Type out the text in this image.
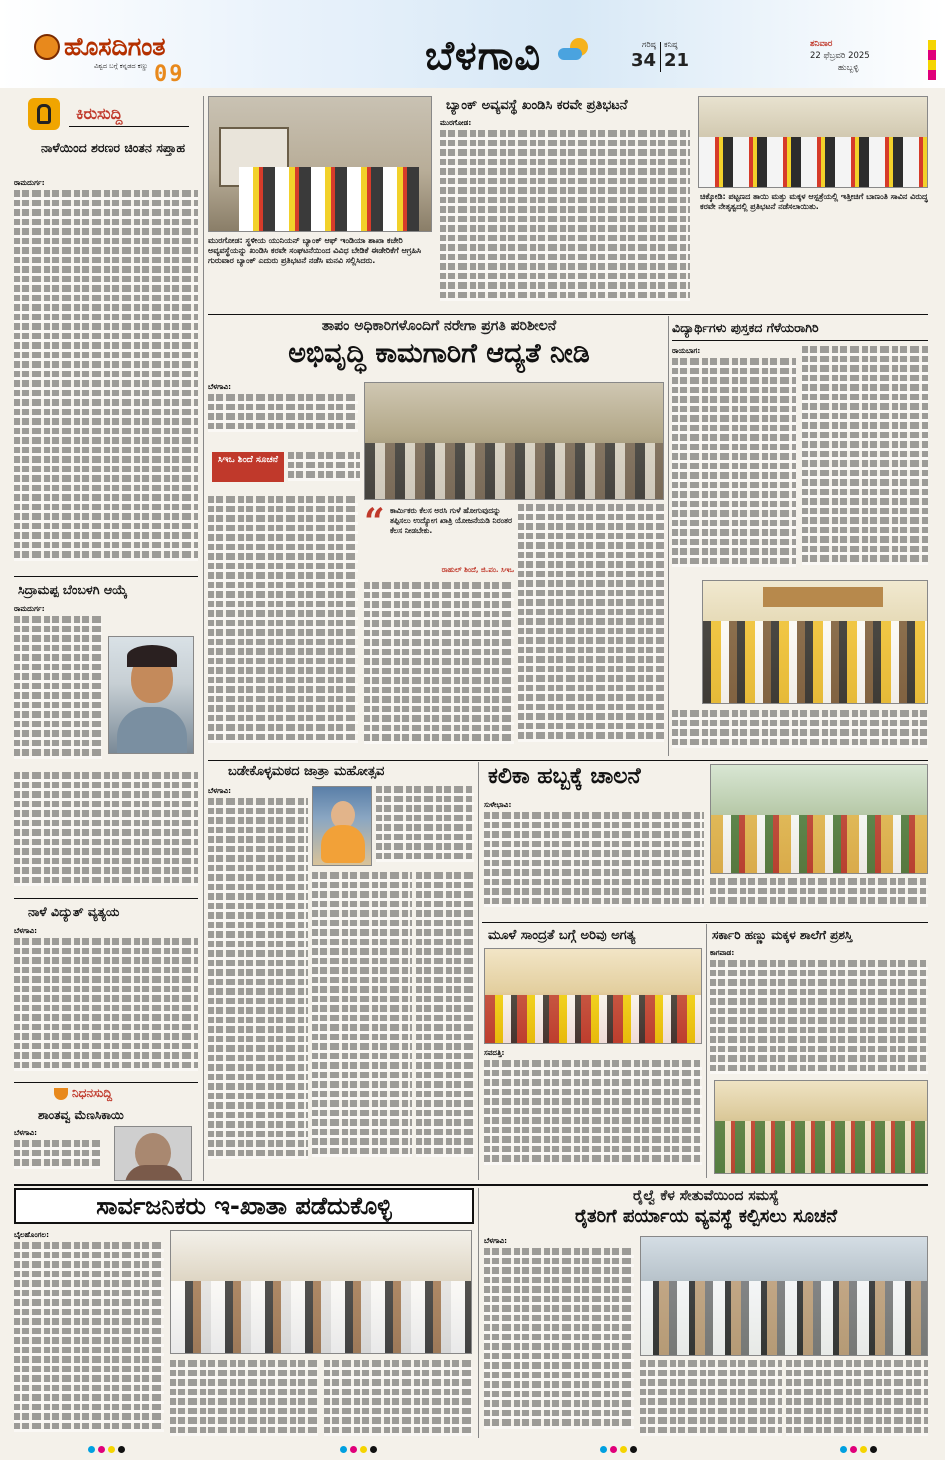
ಹೊಸದಿಗಂತ
ವಿಶ್ವದ ಬಗ್ಗೆ ಕನ್ನಡದ ಕಣ್ಣು 09	ಬೆಳಗಾವಿ	ಗರಿಷ್ಠ
34
ಕನಿಷ್ಠ
21
ಶನಿವಾರ
22 ಫೆಬ್ರವರಿ 2025
ಹುಬ್ಬಳ್ಳಿ
ಕಿರುಸುದ್ದಿ
ನಾಳೆಯಿಂದ ಶರಣರ ಚಿಂತನ ಸಪ್ತಾಹ
ರಾಮದುರ್ಗ:

ಸಿದ್ರಾಮಪ್ಪ ಬೆಂಬಳಗಿ ಆಯ್ಕೆ
ರಾಮದುರ್ಗ:

ನಾಳೆ ವಿದ್ಯುತ್ ವ್ಯತ್ಯಯ
ಬೆಳಗಾವಿ:

ನಿಧನಸುದ್ದಿ
ಶಾಂತವ್ವ ಮೆಣಸಿಕಾಯಿ
ಬೆಳಗಾವಿ:

ಮುರಗೋಡ: ಸ್ಥಳೀಯ ಯುನಿಯನ್ ಬ್ಯಾಂಕ್ ಆಫ್ ಇಂಡಿಯಾ ಶಾಖಾ ಕಚೇರಿ ಅವ್ಯವಸ್ಥೆಯನ್ನು ಖಂಡಿಸಿ ಕರವೇ ಸಂಘಟನೆಯಿಂದ ವಿವಿಧ ಬೇಡಿಕೆ ಈಡೇರಿಕೆಗೆ ಆಗ್ರಹಿಸಿ ಗುರುವಾರ ಬ್ಯಾಂಕ್ ಎದುರು ಪ್ರತಿಭಟನೆ ನಡೆಸಿ ಮನವಿ ಸಲ್ಲಿಸಿದರು.
ಬ್ಯಾಂಕ್ ಅವ್ಯವಸ್ಥೆ ಖಂಡಿಸಿ ಕರವೇ ಪ್ರತಿಭಟನೆ
ಮುರಗೋಡ:

ಚಿಕ್ಕೋಡಿ: ಪಟ್ಟಣದ ತಾಯಿ ಮತ್ತು ಮಕ್ಕಳ ಆಸ್ಪತ್ರೆಯಲ್ಲಿ ಇತ್ತೀಚಿಗೆ ಬಾಣಂತಿ ಸಾವಿನ ವಿರುದ್ಧ ಕರವೇ ನೇತೃತ್ವದಲ್ಲಿ ಪ್ರತಿಭಟನೆ ನಡೆಸಲಾಯಿತು.
ತಾಪಂ ಅಧಿಕಾರಿಗಳೊಂದಿಗೆ ನರೇಗಾ ಪ್ರಗತಿ ಪರಿಶೀಲನೆ
ಅಭಿವೃದ್ಧಿ ಕಾಮಗಾರಿಗೆ ಆದ್ಯತೆ ನೀಡಿ
ಬೆಳಗಾವಿ:

ಸಿಇಒ ಶಿಂದೆ ಸೂಚನೆ

“ ಕಾರ್ಮಿಕರು ಕೆಲಸ ಅರಸಿ ಗುಳೆ ಹೋಗುವುದನ್ನು ತಪ್ಪಿಸಲು ಉದ್ಯೋಗ ಖಾತ್ರಿ ಯೋಜನೆಯಡಿ ನಿರಂತರ ಕೆಲಸ ನೀಡಬೇಕು.
ರಾಹುಲ್ ಶಿಂದೆ, ಜಿ.ಪಂ. ಸಿಇಒ

ವಿದ್ಯಾರ್ಥಿಗಳು ಪುಸ್ತಕದ ಗೆಳೆಯರಾಗಿರಿ
ರಾಯಬಾಗ:

ಬಡೇಕೊಳ್ಳಮಠದ ಜಾತ್ರಾ ಮಹೋತ್ಸವ
ಬೆಳಗಾವಿ:

ಕಲಿಕಾ ಹಬ್ಬಕ್ಕೆ ಚಾಲನೆ
ಸುಳೇಭಾವಿ:

ಮೂಳೆ ಸಾಂದ್ರತೆ ಬಗ್ಗೆ ಅರಿವು ಅಗತ್ಯ
ಸವದತ್ತಿ:

ಸರ್ಕಾರಿ ಹಣ್ಣು ಮಕ್ಕಳ ಶಾಲೆಗೆ ಪ್ರಶಸ್ತಿ
ಕಾಗವಾಡ:

ಸಾರ್ವಜನಿಕರು ಇ-ಖಾತಾ ಪಡೆದುಕೊಳ್ಳಿ
ಬೈಲಹೊಂಗಲ:

ರೈಲ್ವೆ ಕೆಳ ಸೇತುವೆಯಿಂದ ಸಮಸ್ಯೆ
ರೈತರಿಗೆ ಪರ್ಯಾಯ ವ್ಯವಸ್ಥೆ ಕಲ್ಪಿಸಲು ಸೂಚನೆ
ಬೆಳಗಾವಿ:
